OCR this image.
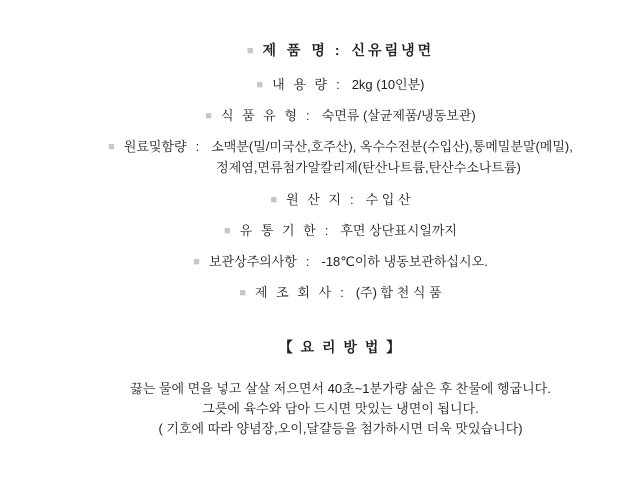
■ 제 품 명 : 신유림냉면
■ 내 용 량 : 2kg (10인분)
■ 식 품 유 형 : 숙면류 (살균제품/냉동보관)
■ 원료및함량 : 소맥분(밀/미국산,호주산), 옥수수전분(수입산),통메밀분말(메밀),
정제염,면류첨가알칼리제(탄산나트륨,탄산수소나트륨)
■ 원 산 지 : 수 입 산
■ 유 통 기 한 : 후면 상단표시일까지
■ 보관상주의사항 : -18℃이하 냉동보관하십시오.
■ 제 조 회 사 : (주) 합 천 식 품
【 요 리 방 법 】
끓는 물에 면을 넣고 살살 저으면서 40초~1분가량 삶은 후 찬물에 헹굽니다.
그릇에 육수와 담아 드시면 맛있는 냉면이 됩니다.
( 기호에 따라 양념장,오이,달걀등을 첨가하시면 더욱 맛있습니다)
